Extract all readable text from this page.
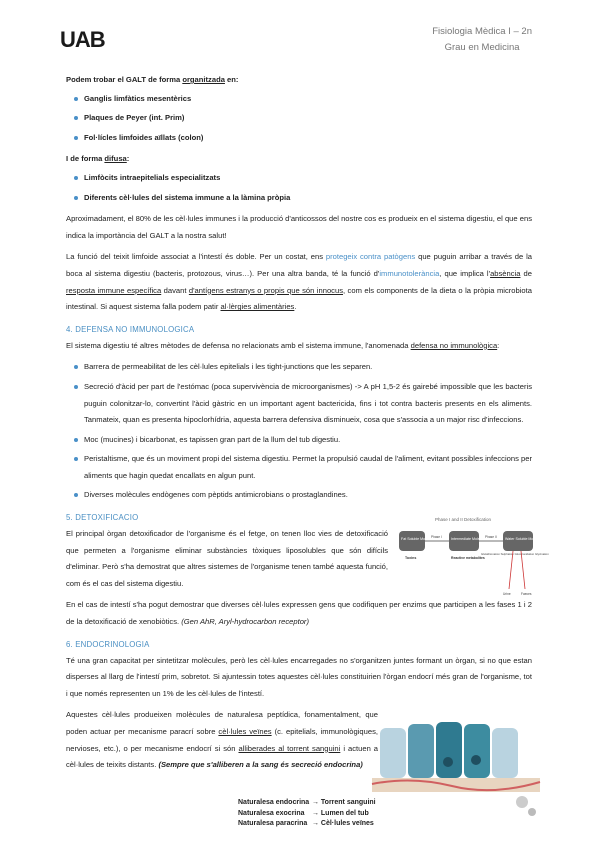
UAB	Fisiologia Mèdica I – 2n
Grau en Medicina

Podem trobar el GALT de forma organitzada en:

Ganglis limfàtics mesentèrics
Plaques de Peyer (int. Prim)
Fol·lícles limfoides aïllats (colon)

I de forma difusa:

Limfòcits intraepitelials especialitzats
Diferents cèl·lules del sistema immune a la làmina pròpia

Aproximadament, el 80% de les cèl·lules immunes i la producció d'anticossos del nostre cos es produeix en el sistema digestiu, el que ens indica la importància del GALT a la nostra salut!

La funció del teixit limfoide associat a l'intestí és doble. Per un costat, ens protegeix contra patògens que puguin arribar a través de la boca al sistema digestiu (bacteris, protozous, virus…). Per una altra banda, té la funció d'immunotolerància, que implica l'absència de resposta immune específica davant d'antígens estranys o propis que són innocus, com els components de la dieta o la pròpia microbiota intestinal. Si aquest sistema falla podem patir al·lèrgies alimentàries.

4. DEFENSA NO IMMUNOLOGICA

El sistema digestiu té altres mètodes de defensa no relacionats amb el sistema immune, l'anomenada defensa no immunològica:

Barrera de permeabilitat de les cèl·lules epitelials i les tight-junctions que les separen.
Secreció d'àcid per part de l'estómac (poca supervivència de microorganismes) -> A pH 1,5-2 és gairebé impossible que les bacteris puguin colonitzar-lo, convertint l'àcid gàstric en un important agent bactericida, fins i tot contra bacteris presents en els aliments. Tanmateix, quan es presenta hipoclorhídria, aquesta barrera defensiva disminueix, cosa que s'associa a un major risc d'infeccions.
Moc (mucines) i bicarbonat, es tapissen gran part de la llum del tub digestiu.
Peristaltisme, que és un moviment propi del sistema digestiu. Permet la propulsió caudal de l'aliment, evitant possibles infeccions per aliments que hagin quedat encallats en algun punt.
Diverses molècules endògenes com pèptids antimicrobians o prostaglandines.
5. DETOXIFICACIO

El principal òrgan detoxificador de l'organisme és el fetge, on tenen lloc vies de detoxificació que permeten a l'organisme eliminar substàncies tòxiques liposolubles que són difícils d'eliminar. Però s'ha demostrat que altres sistemes de l'organisme tenen també aquesta funció, com és el cas del sistema digestiu.

En el cas de intestí s'ha pogut demostrar que diverses cèl·lules expressen gens que codifiquen per enzims que participen a les fases 1 i 2 de la detoxificació de xenobiòtics. (Gen AhR, Aryl-hydrocarbon receptor)

6. ENDOCRINOLOGIA

Té una gran capacitat per sintetitzar molècules, però les cèl·lules encarregades no s'organitzen juntes formant un òrgan, si no que estan disperses al llarg de l'intestí prim, sobretot. Si ajuntessin totes aquestes cèl·lules constituirien l'òrgan endocrí més gran de l'organisme, tot i que només representen un 1% de les cèl·lules de l'intestí.

Aquestes cèl·lules produeixen molècules de naturalesa peptídica, fonamentalment, que poden actuar per mecanisme paracrí sobre cèl·lules veïnes (c. epitelials, immunològiques, nervioses, etc.), o per mecanisme endocrí si són alliberades al torrent sanguini i actuen a cèl·lules de teixits distants. (Sempre que s'alliberen a la sang és secreció endocrina)

Phase I and II Detoxification
Fat Soluble Molecule	Intermediate Molecule	Water Soluble Molecule
Phase I	Phase II
Toxins	Reactive metabolites
Glutathionation Sulphation Glucuronidation Glycination
Urine	Faeces
Naturalesa endocrina → Torrent sanguini
Naturalesa exocrina → Lumen del tub
Naturalesa paracrina → Cèl·lules veïnes
